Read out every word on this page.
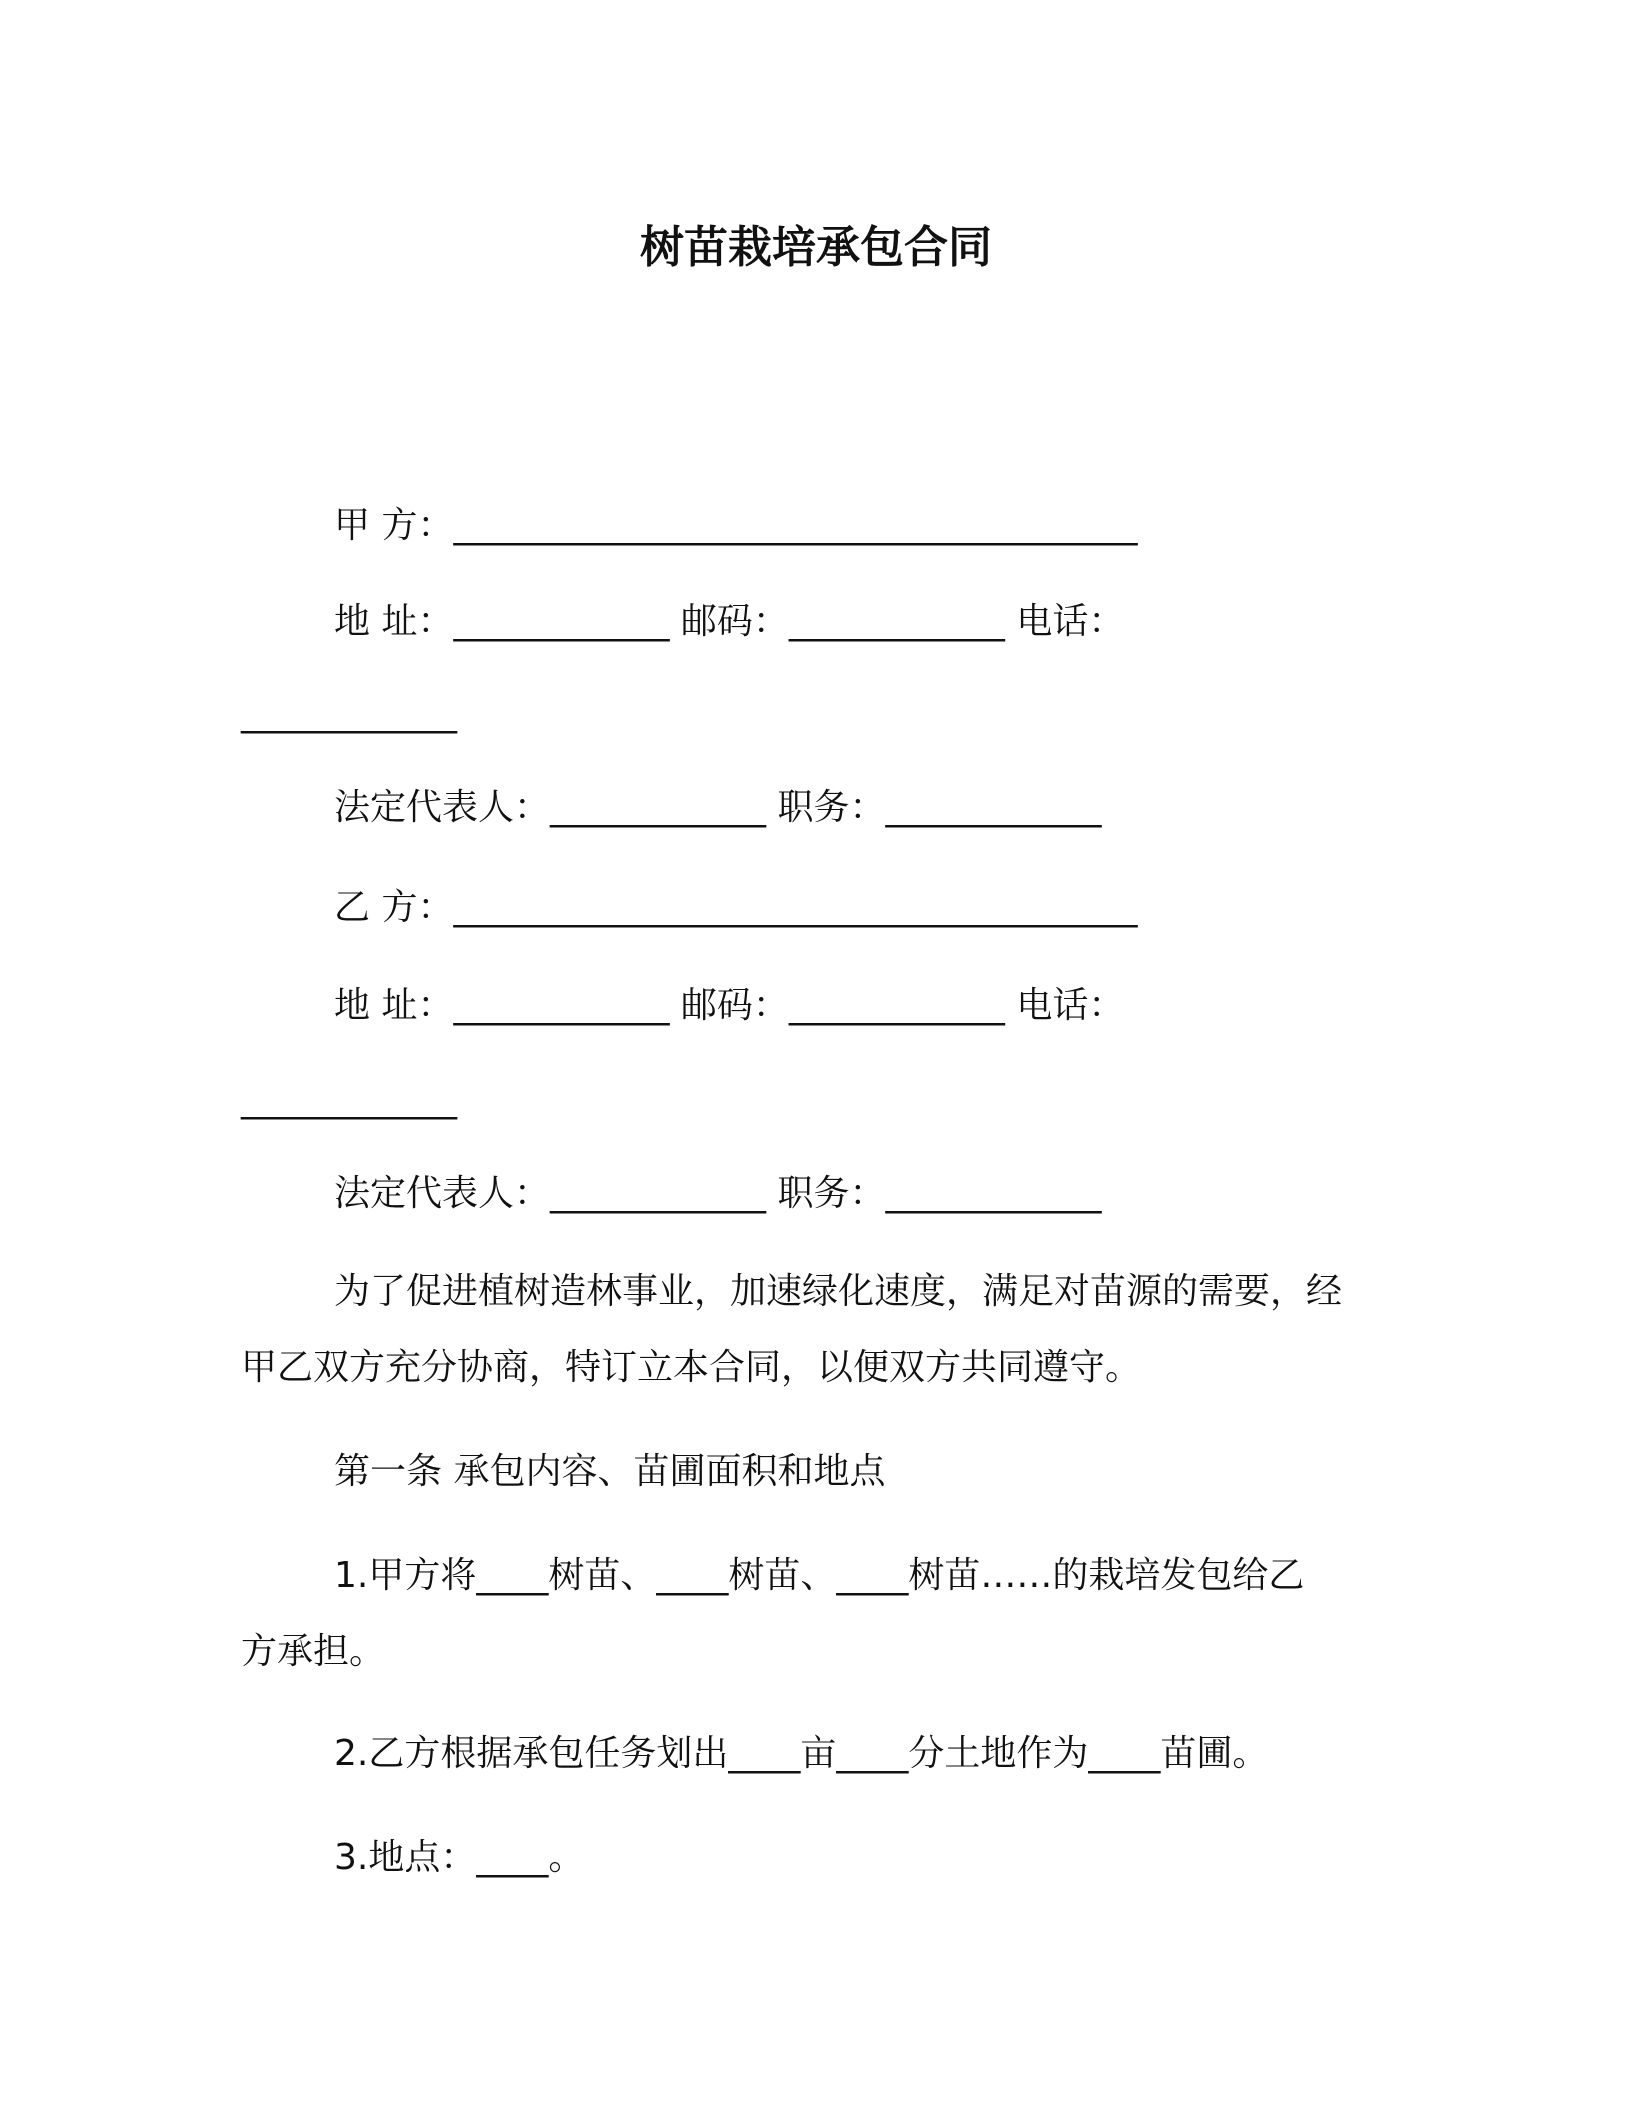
树苗栽培承包合同
甲 方：______________________________________
地 址：____________ 邮码：____________ 电话：
____________
法定代表人：____________ 职务：____________
乙 方：______________________________________
地 址：____________ 邮码：____________ 电话：
____________
法定代表人：____________ 职务：____________
为了促进植树造林事业，加速绿化速度，满足对苗源的需要，经
甲乙双方充分协商，特订立本合同，以便双方共同遵守。
第一条 承包内容、苗圃面积和地点
1.甲方将____树苗、____树苗、____树苗……的栽培发包给乙
方承担。
2.乙方根据承包任务划出____亩____分土地作为____苗圃。
3.地点：____。
